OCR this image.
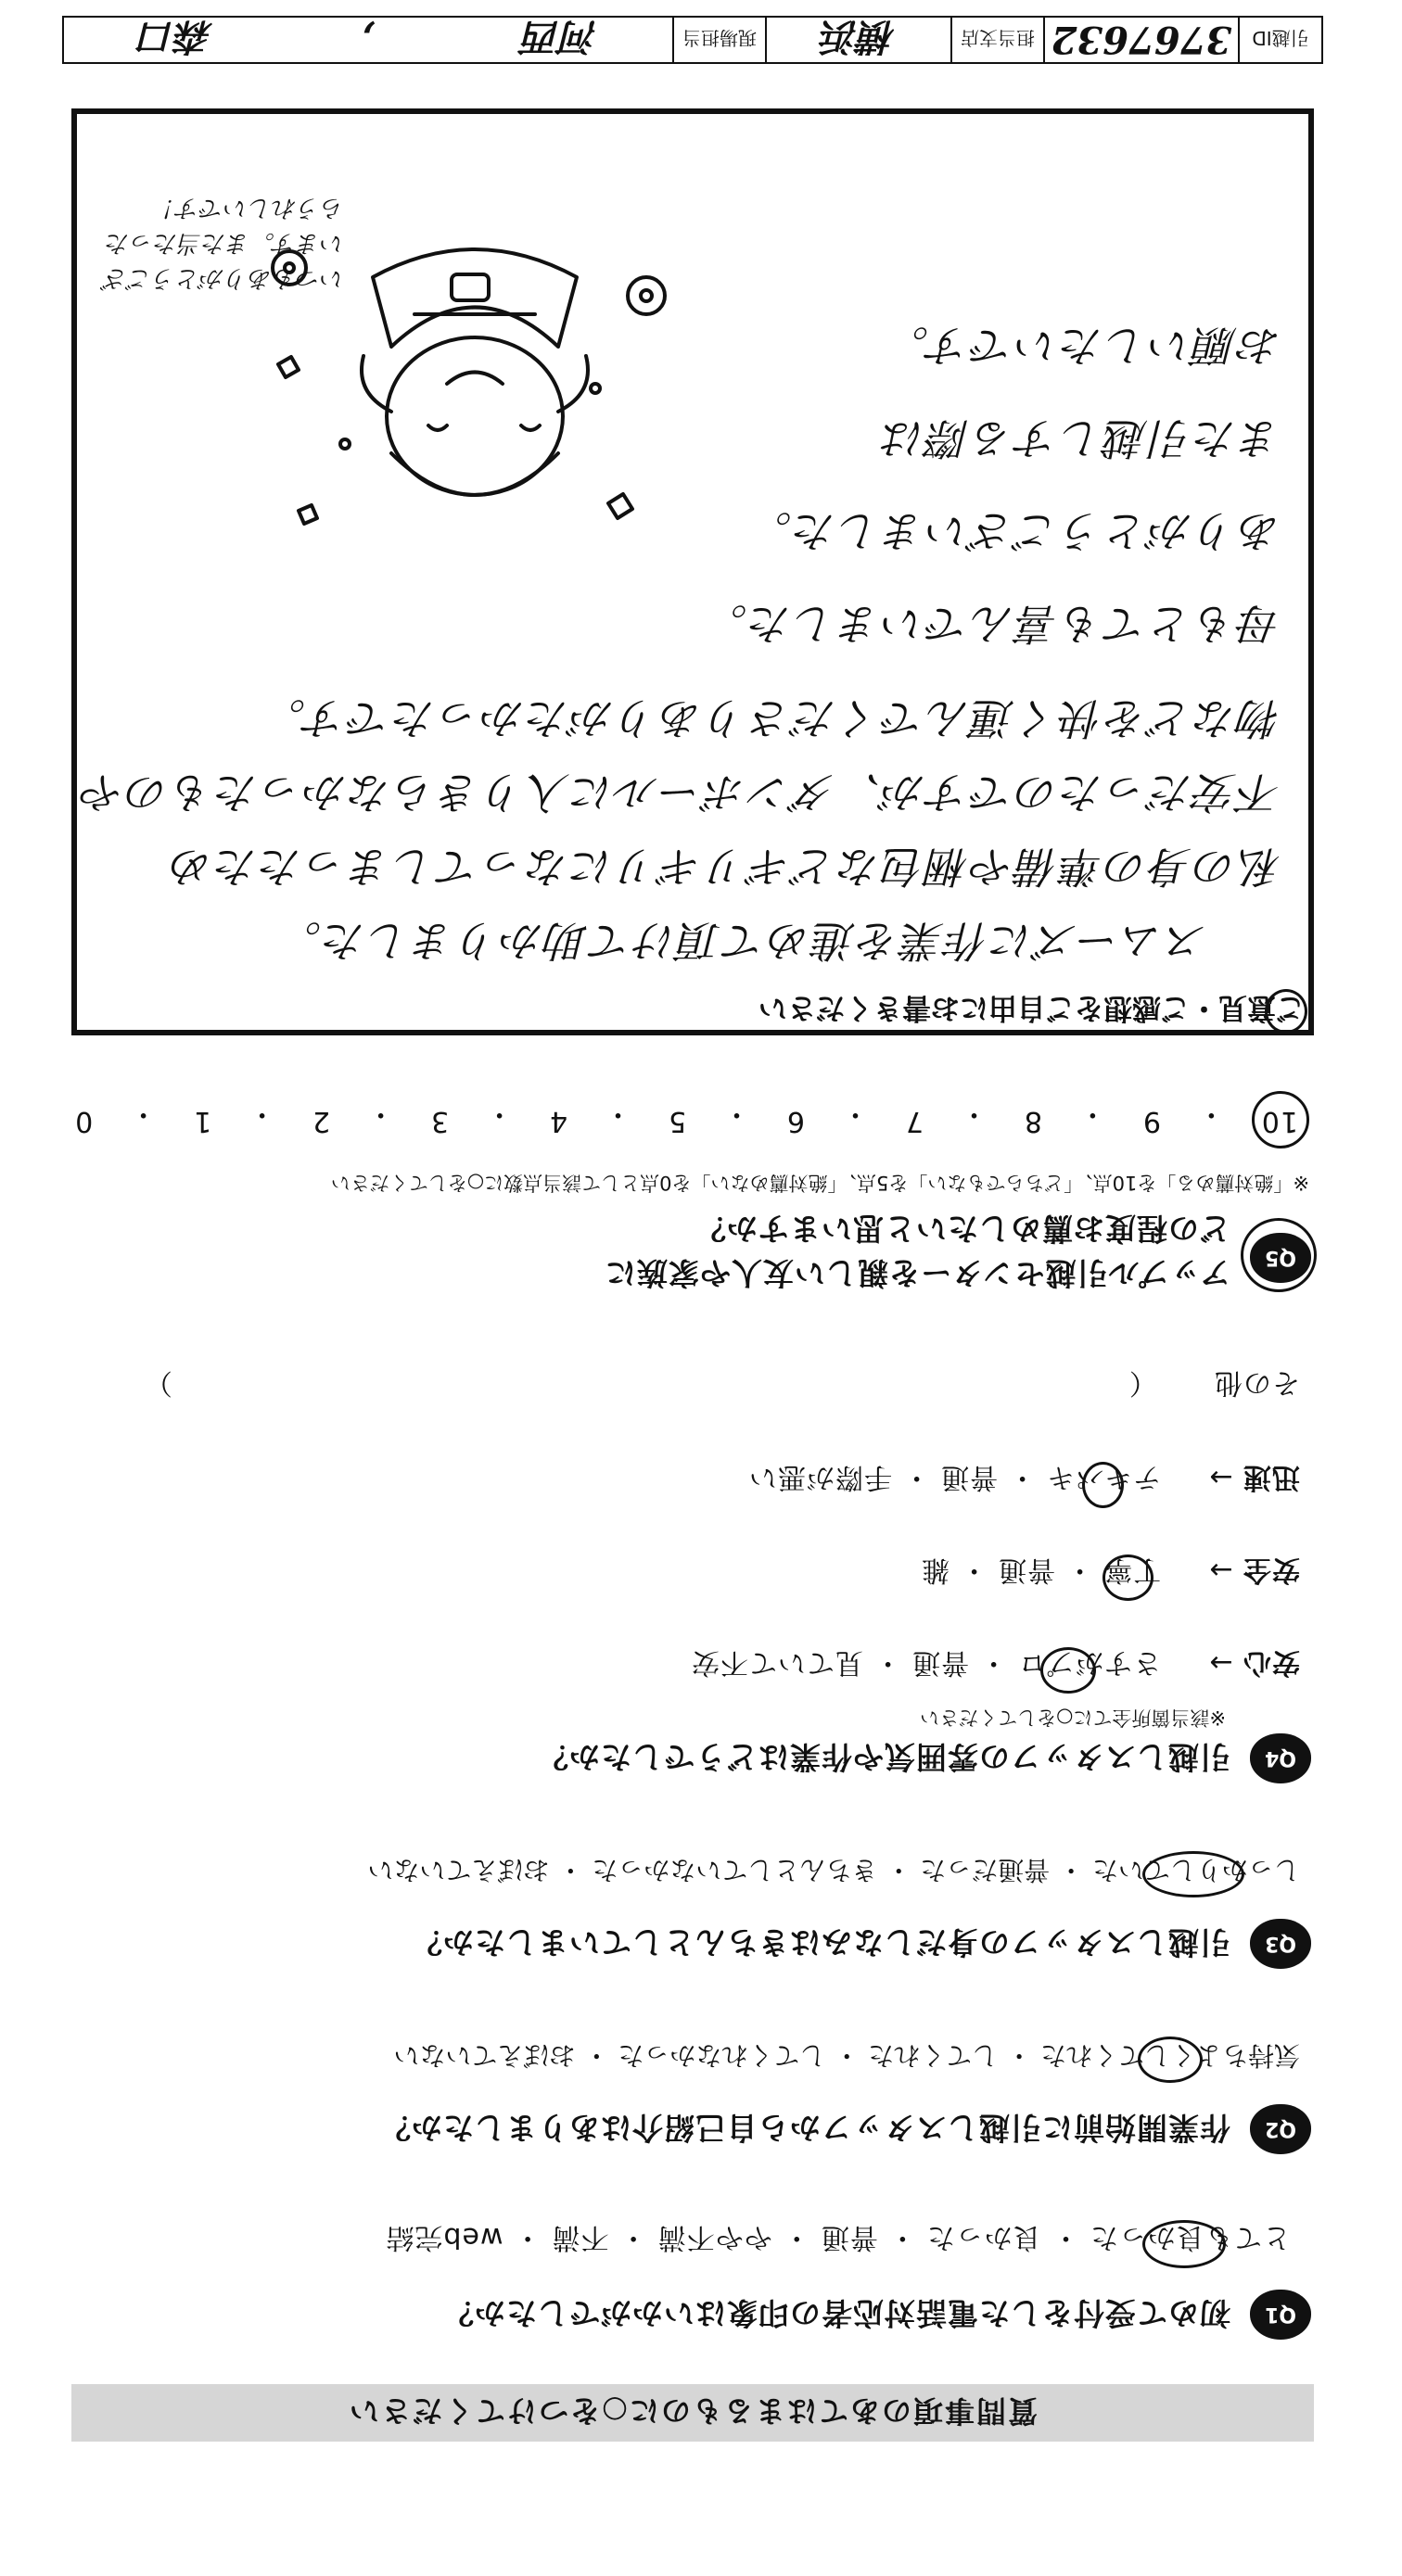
質問事項のあてはまるものに○をつけてください
Q1
初めて受付をした電話対応者の印象はいかがでしたか？
とても良かった ・ 良かった ・ 普通 ・ やや不満 ・ 不満 ・ web完結
Q2
作業開始前に引越しスタッフから自己紹介はありましたか？
気持ちよくしてくれた ・ してくれた ・ してくれなかった ・ おぼえていない
Q3
引越しスタッフの身だしなみはきちんとしていましたか？
しっかりしていた ・ 普通だった ・ きちんとしていなかった ・ おぼえていない
Q4
引越しスタッフの雰囲気や作業はどうでしたか？
※該当箇所全てに○をしてください
安心 →  さすがプロ ・ 普通 ・ 見ていて不安
安全 →  丁寧 ・ 普通 ・ 雑
迅速 →  テキパキ ・ 普通 ・ 手際が悪い
その他  （  ）
Q5
アップル引越センターを親しい友人や家族に
どの程度お薦めしたいと思いますか？
※「絶対薦める」を10点、「どちらでもない」を5点、「絶対薦めない」を0点として該当点数に○をしてください
10
・
9
・
8
・
7
・
6
・
5
・
4
・
3
・
2
・
1
・
0
ご意見・ご感想をご自由にお書きください
スムーズに作業を進めて頂けて助かりました。
私の身の準備や梱包などギリギリになってしまったため
不安だったのですが、ダンボールに入りきらなかったものや
物などを快く運んでくださりありがたかったです。
母もとても喜んでいました。
ありがとうございました。
また引越しする際は
お願いしたいです。
いつもありがとうございます。また当たったらうれしいです！
引越ID
3767632
担当支店
横浜
現場担当
河西
,
森口
